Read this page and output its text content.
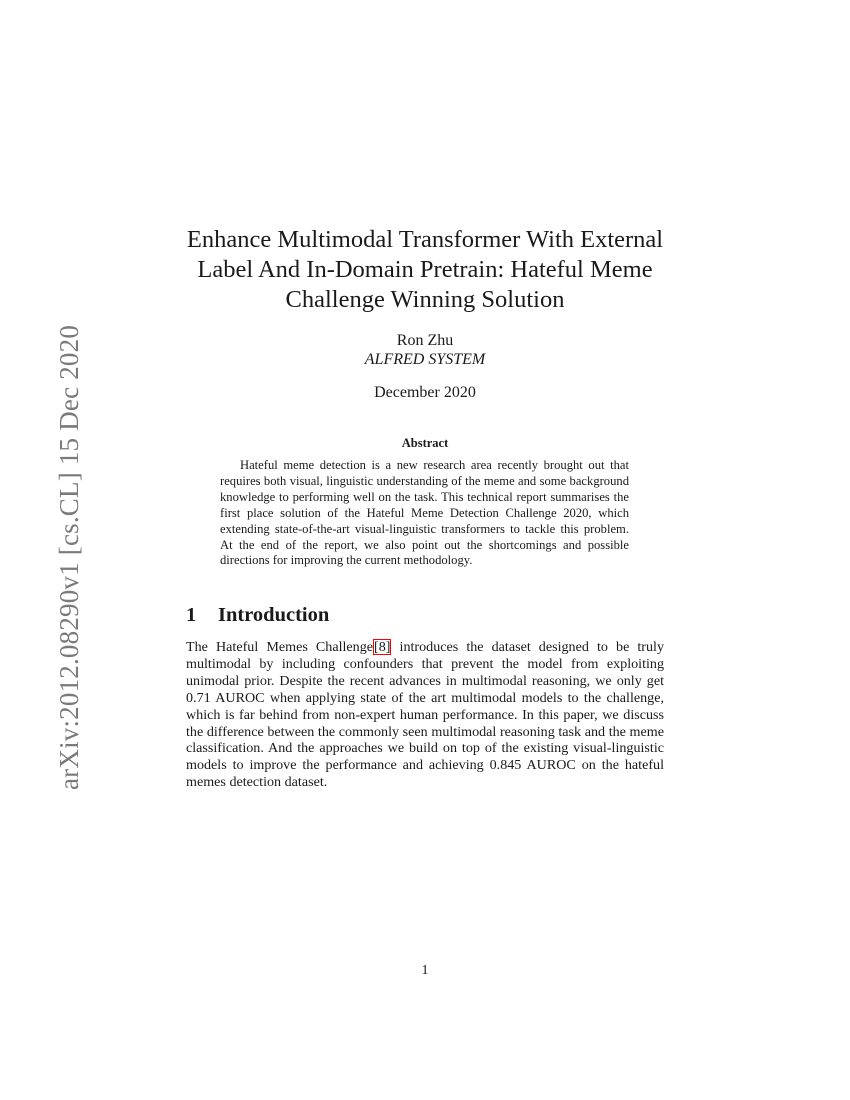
arXiv:2012.08290v1 [cs.CL] 15 Dec 2020
Enhance Multimodal Transformer With External Label And In-Domain Pretrain: Hateful Meme Challenge Winning Solution
Ron Zhu
ALFRED SYSTEM
December 2020
Abstract

Hateful meme detection is a new research area recently brought out that requires both visual, linguistic understanding of the meme and some background knowledge to performing well on the task. This technical report summarises the first place solution of the Hateful Meme Detection Challenge 2020, which extending state-of-the-art visual-linguistic transformers to tackle this problem. At the end of the report, we also point out the shortcomings and possible directions for improving the current methodology.

1 Introduction

The Hateful Memes Challenge[8] introduces the dataset designed to be truly multimodal by including confounders that prevent the model from exploiting unimodal prior. Despite the recent advances in multimodal reasoning, we only get 0.71 AUROC when applying state of the art multimodal models to the challenge, which is far behind from non-expert human performance. In this paper, we discuss the difference between the commonly seen multimodal reasoning task and the meme classification. And the approaches we build on top of the existing visual-linguistic models to improve the performance and achieving 0.845 AUROC on the hateful memes detection dataset.

1
